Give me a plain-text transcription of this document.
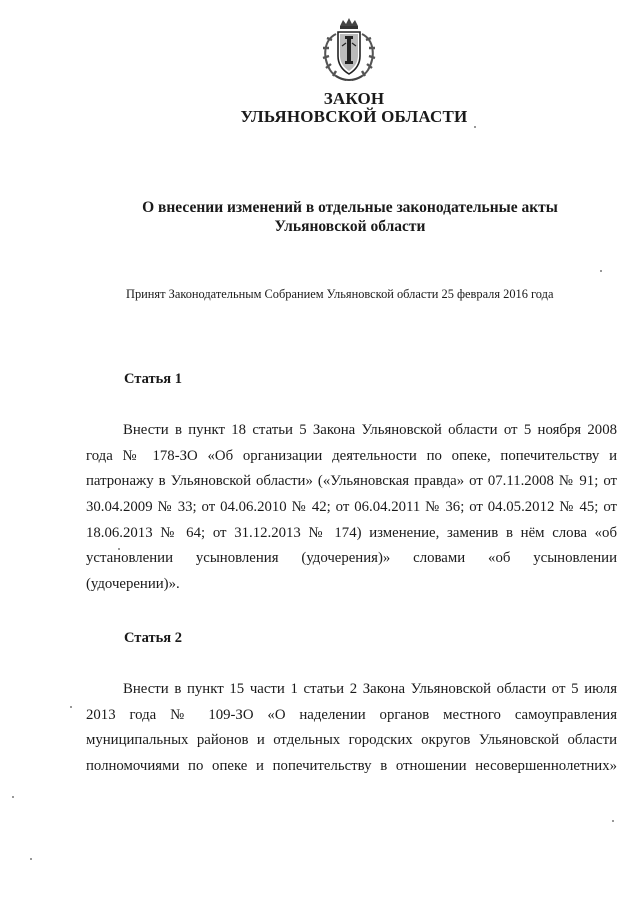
ЗАКОН
УЛЬЯНОВСКОЙ ОБЛАСТИ
О внесении изменений в отдельные законодательные акты
Ульяновской области
Принят Законодательным Собранием Ульяновской области 25 февраля 2016 года
Статья 1
Внести в пункт 18 статьи 5 Закона Ульяновской области от 5 ноября 2008
года № 178-ЗО «Об организации деятельности по опеке, попечительству и
патронажу в Ульяновской области» («Ульяновская правда» от 07.11.2008 № 91; от
30.04.2009 № 33; от 04.06.2010 № 42; от 06.04.2011 № 36; от 04.05.2012 № 45; от
18.06.2013 № 64; от 31.12.2013 № 174) изменение, заменив в нём слова «об
установлении усыновления (удочерения)» словами «об усыновлении
(удочерении)».
Статья 2
Внести в пункт 15 части 1 статьи 2 Закона Ульяновской области от 5 июля
2013 года № 109-ЗО «О наделении органов местного самоуправления
муниципальных районов и отдельных городских округов Ульяновской области
полномочиями по опеке и попечительству в отношении несовершеннолетних»
